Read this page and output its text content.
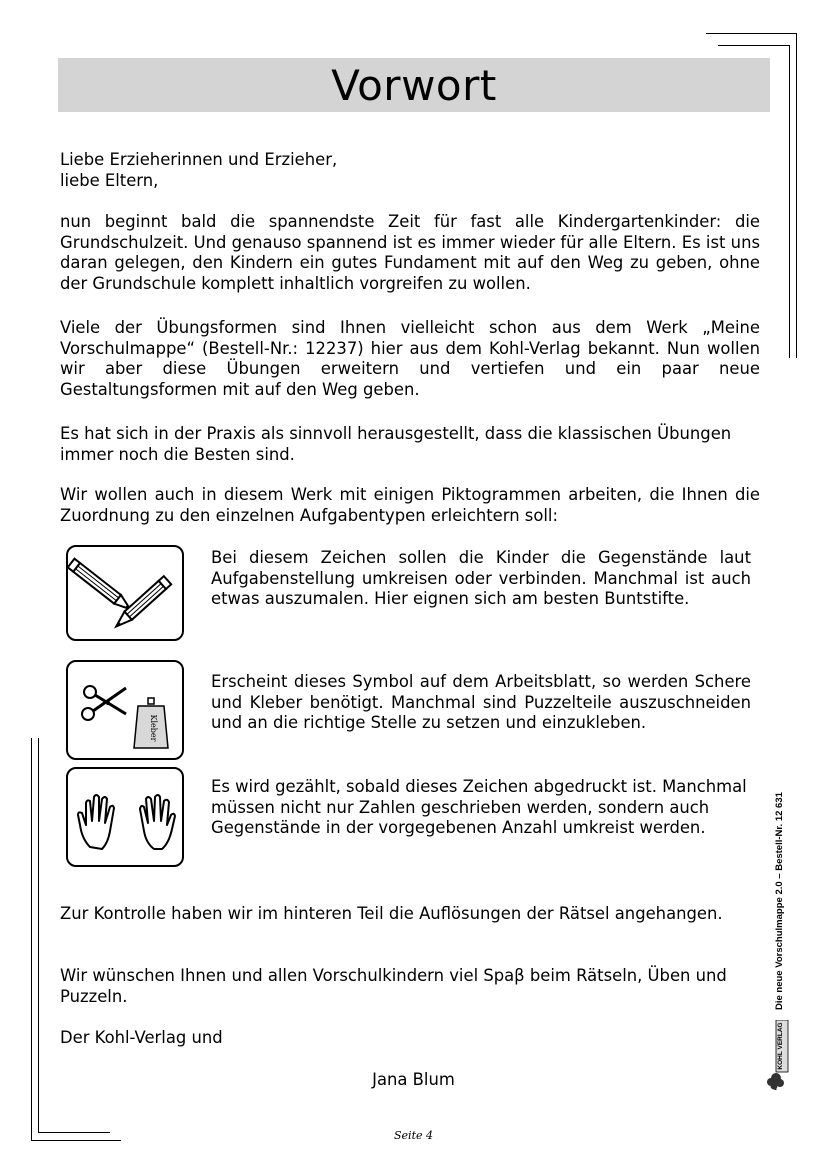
Vorwort

Liebe Erzieherinnen und Erzieher,
liebe Eltern,

nun beginnt bald die spannendste Zeit für fast alle Kindergartenkinder: die Grundschulzeit. Und genauso spannend ist es immer wieder für alle Eltern. Es ist uns daran gelegen, den Kindern ein gutes Fundament mit auf den Weg zu geben, ohne der Grundschule komplett inhaltlich vorgreifen zu wollen.

Viele der Übungsformen sind Ihnen vielleicht schon aus dem Werk „Meine Vorschulmappe“ (Bestell-Nr.: 12237) hier aus dem Kohl-Verlag bekannt. Nun wollen wir aber diese Übungen erweitern und vertiefen und ein paar neue Gestaltungsformen mit auf den Weg geben.

Es hat sich in der Praxis als sinnvoll herausgestellt, dass die klassischen Übungen immer noch die Besten sind.

Wir wollen auch in diesem Werk mit einigen Piktogrammen arbeiten, die Ihnen die Zuordnung zu den einzelnen Aufgabentypen erleichtern soll:

Bei diesem Zeichen sollen die Kinder die Gegenstände laut Aufgabenstellung umkreisen oder verbinden. Manchmal ist auch etwas auszumalen. Hier eignen sich am besten Buntstifte.

Kleber

Erscheint dieses Symbol auf dem Arbeitsblatt, so werden Schere und Kleber benötigt. Manchmal sind Puzzelteile auszuschneiden und an die richtige Stelle zu setzen und einzukleben.

Es wird gezählt, sobald dieses Zeichen abgedruckt ist. Manchmal müssen nicht nur Zahlen geschrieben werden, sondern auch Gegenstände in der vorgegebenen Anzahl umkreist werden.

Zur Kontrolle haben wir im hinteren Teil die Auflösungen der Rätsel angehangen.

Wir wünschen Ihnen und allen Vorschulkindern viel Spaβ beim Rätseln, Üben und Puzzeln.

Der Kohl-Verlag und

Jana Blum

Die neue Vorschulmappe 2.0 – Bestell-Nr. 12 631
KOHL VERLAG

Seite 4
